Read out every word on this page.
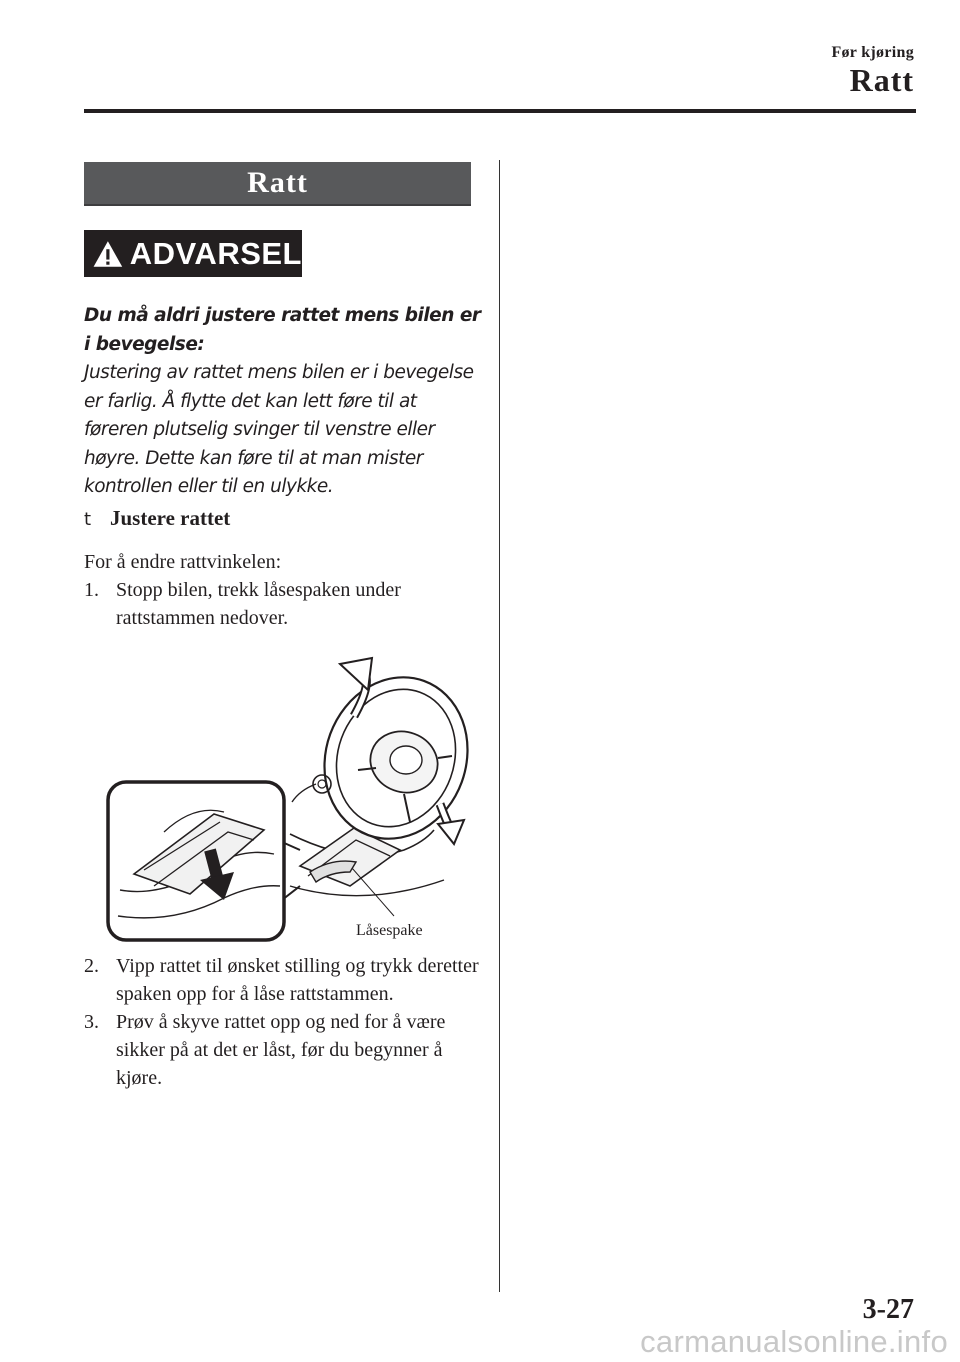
Før kjøring
Ratt
Ratt
ADVARSEL
Du må aldri justere rattet mens bilen er i bevegelse:
Justering av rattet mens bilen er i bevegelse er farlig. Å flytte det kan lett føre til at føreren plutselig svinger til venstre eller høyre. Dette kan føre til at man mister kontrollen eller til en ulykke.
t Justere rattet
For å endre rattvinkelen:
1. Stopp bilen, trekk låsespaken under rattstammen nedover.
Låsespake
2. Vipp rattet til ønsket stilling og trykk deretter spaken opp for å låse rattstammen.
3. Prøv å skyve rattet opp og ned for å være sikker på at det er låst, før du begynner å kjøre.
3-27
carmanualsonline.info
